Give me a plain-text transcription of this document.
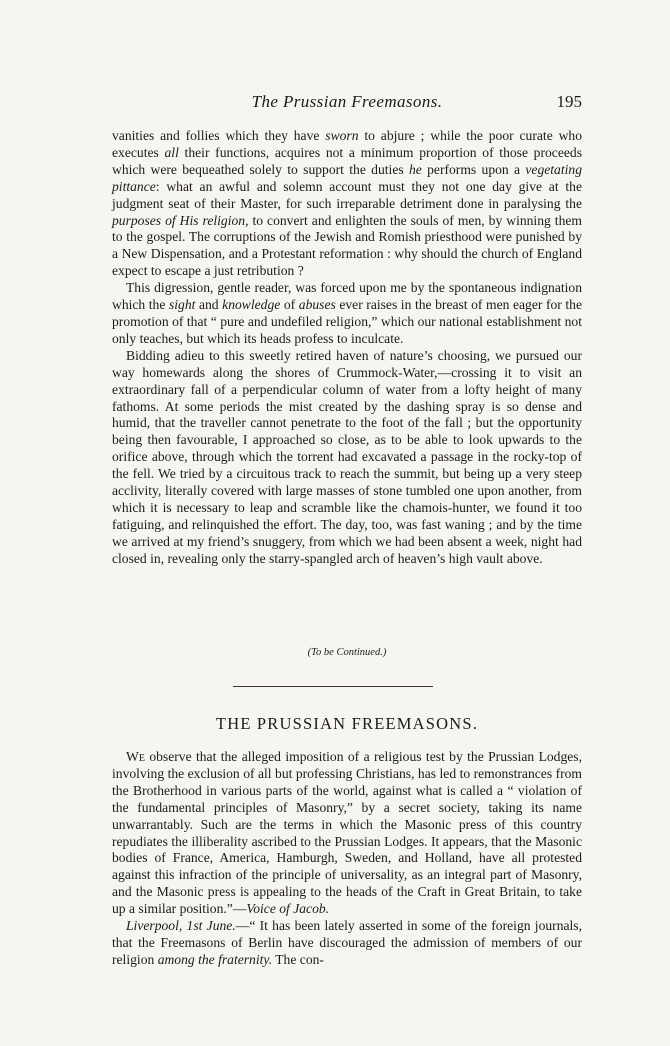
The Prussian Freemasons.	195

vanities and follies which they have sworn to abjure ; while the poor curate who executes all their functions, acquires not a minimum proportion of those proceeds which were bequeathed solely to support the duties he performs upon a vegetating pittance: what an awful and solemn account must they not one day give at the judgment seat of their Master, for such irreparable detriment done in paralysing the purposes of His religion, to convert and enlighten the souls of men, by winning them to the gospel. The corruptions of the Jewish and Romish priesthood were punished by a New Dispensation, and a Protestant reformation : why should the church of England expect to escape a just retribution ?

This digression, gentle reader, was forced upon me by the spontaneous indignation which the sight and knowledge of abuses ever raises in the breast of men eager for the promotion of that “ pure and undefiled religion,” which our national establishment not only teaches, but which its heads profess to inculcate.

Bidding adieu to this sweetly retired haven of nature’s choosing, we pursued our way homewards along the shores of Crummock-Water,—crossing it to visit an extraordinary fall of a perpendicular column of water from a lofty height of many fathoms. At some periods the mist created by the dashing spray is so dense and humid, that the traveller cannot penetrate to the foot of the fall ; but the opportunity being then favourable, I approached so close, as to be able to look upwards to the orifice above, through which the torrent had excavated a passage in the rocky-top of the fell. We tried by a circuitous track to reach the summit, but being up a very steep acclivity, literally covered with large masses of stone tumbled one upon another, from which it is necessary to leap and scramble like the chamois-hunter, we found it too fatiguing, and relinquished the effort. The day, too, was fast waning ; and by the time we arrived at my friend’s snuggery, from which we had been absent a week, night had closed in, revealing only the starry-spangled arch of heaven’s high vault above.

(To be Continued.)
THE PRUSSIAN FREEMASONS.

We observe that the alleged imposition of a religious test by the Prussian Lodges, involving the exclusion of all but professing Christians, has led to remonstrances from the Brotherhood in various parts of the world, against what is called a “ violation of the fundamental principles of Masonry,” by a secret society, taking its name unwarrantably. Such are the terms in which the Masonic press of this country repudiates the illiberality ascribed to the Prussian Lodges. It appears, that the Masonic bodies of France, America, Hamburgh, Sweden, and Holland, have all protested against this infraction of the principle of universality, as an integral part of Masonry, and the Masonic press is appealing to the heads of the Craft in Great Britain, to take up a similar position.”—Voice of Jacob.

Liverpool, 1st June.—“ It has been lately asserted in some of the foreign journals, that the Freemasons of Berlin have discouraged the admission of members of our religion among the fraternity. The con-
